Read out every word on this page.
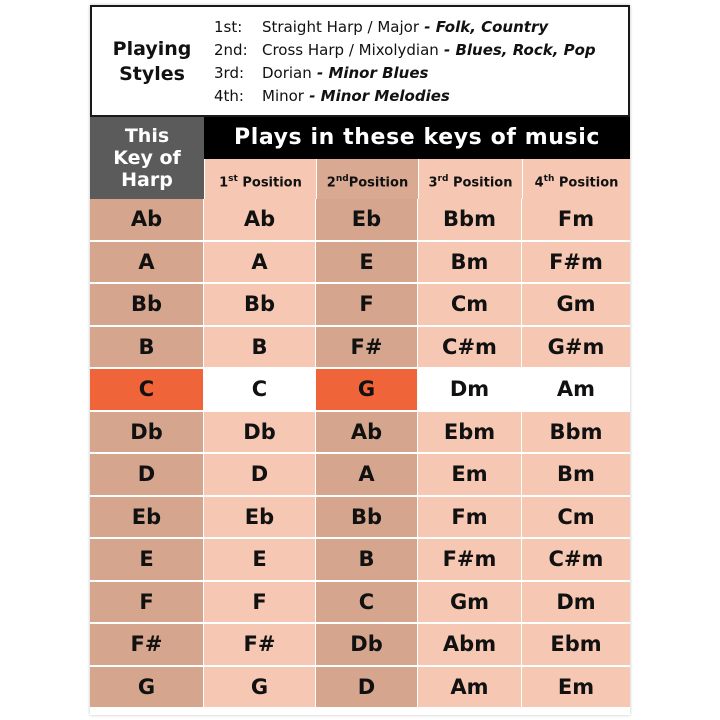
Playing
Styles
1st: Straight Harp / Major - Folk, Country
2nd: Cross Harp / Mixolydian - Blues, Rock, Pop
3rd: Dorian - Minor Blues
4th: Minor - Minor Melodies
This
Key of
Harp
Plays in these keys of music
1st Position	2ndPosition	3rd Position	4th Position
Ab	Ab	Eb	Bbm	Fm
A	A	E	Bm	F#m
Bb	Bb	F	Cm	Gm
B	B	F#	C#m	G#m
C	C	G	Dm	Am
Db	Db	Ab	Ebm	Bbm
D	D	A	Em	Bm
Eb	Eb	Bb	Fm	Cm
E	E	B	F#m	C#m
F	F	C	Gm	Dm
F#	F#	Db	Abm	Ebm
G	G	D	Am	Em
